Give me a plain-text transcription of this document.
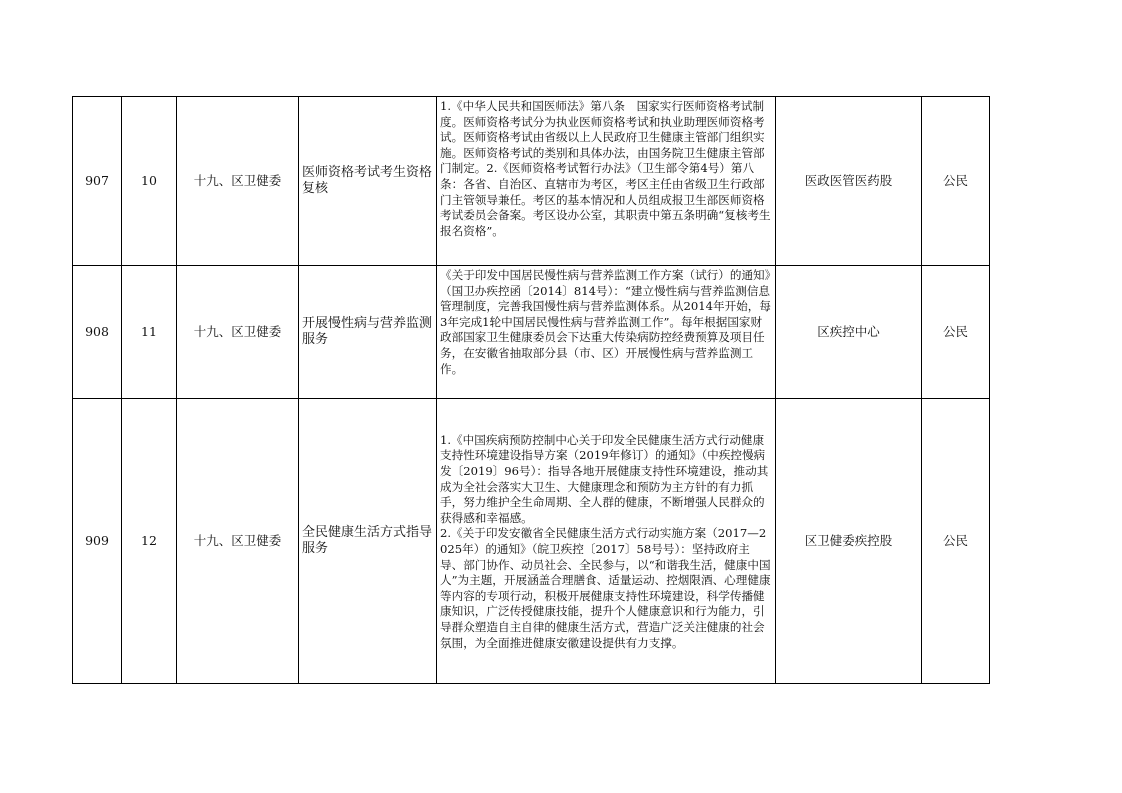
907	10	十九、区卫健委	医师资格考试考生资格复核	1.《中华人民共和国医师法》第八条　国家实行医师资格考试制度。医师资格考试分为执业医师资格考试和执业助理医师资格考试。医师资格考试由省级以上人民政府卫生健康主管部门组织实施。医师资格考试的类别和具体办法，由国务院卫生健康主管部门制定。2.《医师资格考试暂行办法》（卫生部令第4号）第八条：各省、自治区、直辖市为考区，考区主任由省级卫生行政部门主管领导兼任。考区的基本情况和人员组成报卫生部医师资格考试委员会备案。考区设办公室，其职责中第五条明确“复核考生报名资格”。	医政医管医药股	公民
908	11	十九、区卫健委	开展慢性病与营养监测服务	《关于印发中国居民慢性病与营养监测工作方案（试行）的通知》（国卫办疾控函〔2014〕814号）：“建立慢性病与营养监测信息管理制度，完善我国慢性病与营养监测体系。从2014年开始，每3年完成1轮中国居民慢性病与营养监测工作”。每年根据国家财政部国家卫生健康委员会下达重大传染病防控经费预算及项目任务，在安徽省抽取部分县（市、区）开展慢性病与营养监测工作。	区疾控中心	公民
909	12	十九、区卫健委	全民健康生活方式指导服务	1.《中国疾病预防控制中心关于印发全民健康生活方式行动健康支持性环境建设指导方案（2019年修订）的通知》（中疾控慢病发〔2019〕96号）：指导各地开展健康支持性环境建设，推动其成为全社会落实大卫生、大健康理念和预防为主方针的有力抓手，努力维护全生命周期、全人群的健康，不断增强人民群众的获得感和幸福感。

2.《关于印发安徽省全民健康生活方式行动实施方案（2017—2025年）的通知》（皖卫疾控〔2017〕58号号）：坚持政府主导、部门协作、动员社会、全民参与，以“和谐我生活，健康中国人”为主题，开展涵盖合理膳食、适量运动、控烟限酒、心理健康等内容的专项行动，积极开展健康支持性环境建设，科学传播健康知识，广泛传授健康技能，提升个人健康意识和行为能力，引导群众塑造自主自律的健康生活方式，营造广泛关注健康的社会氛围，为全面推进健康安徽建设提供有力支撑。	区卫健委疾控股	公民
